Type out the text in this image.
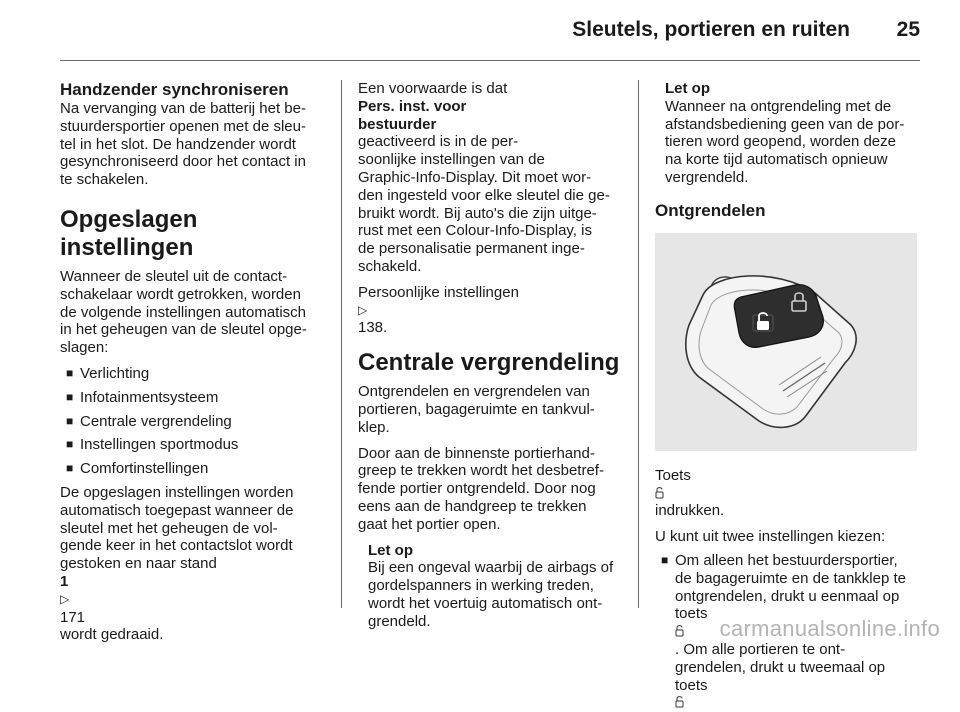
Sleutels, portieren en ruiten	25
Handzender synchroniseren
Na vervanging van de batterij het be-
stuurdersportier openen met de sleu-
tel in het slot. De handzender wordt
gesynchroniseerd door het contact in
te schakelen.
Opgeslagen instellingen
Wanneer de sleutel uit de contact-
schakelaar wordt getrokken, worden
de volgende instellingen automatisch
in het geheugen van de sleutel opge-
slagen:
■ Verlichting
■ Infotainmentsysteem
■ Centrale vergrendeling
■ Instellingen sportmodus
■ Comfortinstellingen
De opgeslagen instellingen worden
automatisch toegepast wanneer de
sleutel met het geheugen de vol-
gende keer in het contactslot wordt
gestoken en naar stand
1
▷
171
wordt gedraaid.
Een voorwaarde is dat
Pers. inst. voor
bestuurder
geactiveerd is in de per-
soonlijke instellingen van de
Graphic-Info-Display. Dit moet wor-
den ingesteld voor elke sleutel die ge-
bruikt wordt. Bij auto's die zijn uitge-
rust met een Colour-Info-Display, is
de personalisatie permanent inge-
schakeld.
Persoonlijke instellingen
▷
138.
Centrale vergrendeling
Ontgrendelen en vergrendelen van
portieren, bagageruimte en tankvul-
klep.
Door aan de binnenste portierhand-
greep te trekken wordt het desbetref-
fende portier ontgrendeld. Door nog
eens aan de handgreep te trekken
gaat het portier open.
Let op
Bij een ongeval waarbij de airbags of
gordelspanners in werking treden,
wordt het voertuig automatisch ont-
grendeld.
Let op
Wanneer na ontgrendeling met de
afstandsbediening geen van de por-
tieren word geopend, worden deze
na korte tijd automatisch opnieuw
vergrendeld.
Ontgrendelen
Toets
indrukken.
U kunt uit twee instellingen kiezen:
■ Om alleen het bestuurdersportier,
de bagageruimte en de tankklep te
ontgrendelen, drukt u eenmaal op
toets
. Om alle portieren te ont-
grendelen, drukt u tweemaal op
toets
carmanualsonline.info
